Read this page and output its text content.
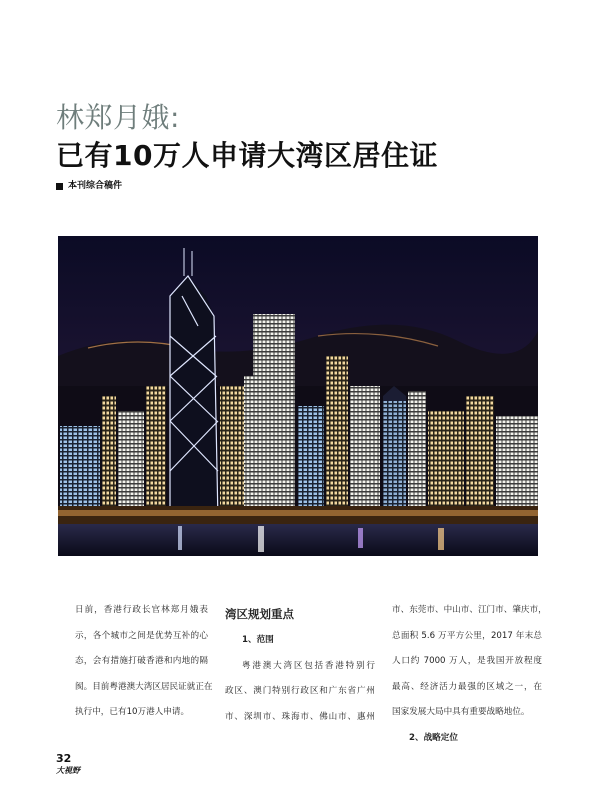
林郑月娥:
已有10万人申请大湾区居住证
本刊综合稿件

日前，香港行政长官林郑月娥表
示，各个城市之间是优势互补的心
态，会有措施打破香港和内地的隔
阂。目前粤港澳大湾区居民证就正在
执行中，已有10万港人申请。

湾区规划重点

1、范围

粤港澳大湾区包括香港特别行
政区、澳门特别行政区和广东省广州
市、深圳市、珠海市、佛山市、惠州

市、东莞市、中山市、江门市、肇庆市，
总面积 5.6 万平方公里，2017 年末总
人口约 7000 万人，是我国开放程度
最高、经济活力最强的区域之一，在
国家发展大局中具有重要战略地位。

2、战略定位

32
大視野
